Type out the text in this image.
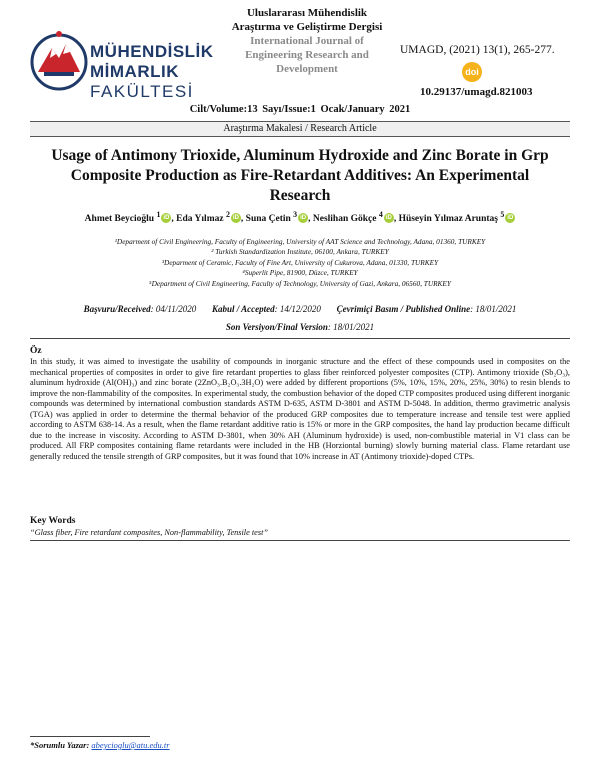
MÜHENDİSLİK
MİMARLIK
FAKÜLTESİ
Uluslararası Mühendislik
Araştırma ve Geliştirme Dergisi
International Journal of
Engineering Research and
Development
UMAGD, (2021) 13(1), 265-277.
doi
10.29137/umagd.821003
Cilt/Volume:13 Sayı/Issue:1 Ocak/January 2021
Araştırma Makalesi / Research Article
Usage of Antimony Trioxide, Aluminum Hydroxide and Zinc Borate in Grp Composite Production as Fire-Retardant Additives: An Experimental Research
Ahmet Beycioğlu $^1$ iD , Eda Yılmaz $^2$ iD , Suna Çetin $^3$ iD , Neslihan Gökçe $^4$ iD , Hüseyin Yılmaz Aruntaş $^5$ iD
¹Deparment of Civil Engineering, Faculty of Engineering, University of AAT Science and Technology, Adana, 01360, TURKEY
² Turkish Standardization Institute, 06100, Ankara, TURKEY
³Deparment of Ceramic, Faculty of Fine Art, University of Cukurova, Adana, 01330, TURKEY
⁴Superlit Pipe, 81900, Düzce, TURKEY
⁵Department of Civil Engineering, Faculty of Technology, University of Gazi, Ankara, 06560, TURKEY
Başvuru/Received: 04/11/2020 Kabul / Accepted: 14/12/2020 Çevrimiçi Basım / Published Online: 18/01/2021
Son Versiyon/Final Version: 18/01/2021
Öz
In this study, it was aimed to investigate the usability of compounds in inorganic structure and the effect of these compounds used in composites on the mechanical properties of composites in order to give fire retardant properties to glass fiber reinforced polyester composites (CTP). Antimony trioxide (Sb₂O₃), aluminum hydroxide (Al(OH)₃) and zinc borate (2ZnO₃.B₂O₃.3H₂O) were added by different proportions (5%, 10%, 15%, 20%, 25%, 30%) to resin blends to improve the non-flammability of the composites. In experimental study, the combustion behavior of the doped CTP composites produced using different inorganic compounds was determined by international combustion standards ASTM D-635, ASTM D-3801 and ASTM D-5048. In addition, thermo gravimetric analysis (TGA) was applied in order to determine the thermal behavior of the produced GRP composites due to temperature increase and tensile test were applied according to ASTM 638-14. As a result, when the flame retardant additive ratio is 15% or more in the GRP composites, the hand lay production became difficult due to the increase in viscosity. According to ASTM D-3801, when 30% AH (Aluminum hydroxide) is used, non-combustible material in V1 class can be produced. All FRP composites containing flame retardants were included in the HB (Horziontal burning) slowly burning material class. Flame retardant use generally reduced the tensile strength of GRP composites, but it was found that 10% increase in AT (Antimony trioxide)-doped CTPs.
Key Words
“Glass fiber, Fire retardant composites, Non-flammability, Tensile test”
*Sorumlu Yazar: abeycioglu@atu.edu.tr
